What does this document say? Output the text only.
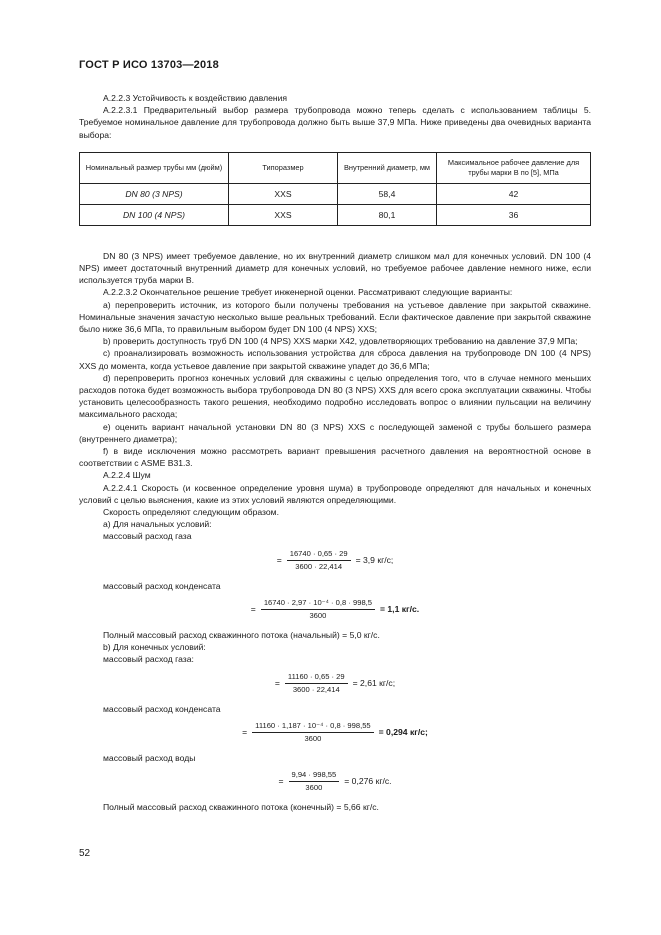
ГОСТ Р ИСО 13703—2018

А.2.2.3 Устойчивость к воздействию давления

А.2.2.3.1 Предварительный выбор размера трубопровода можно теперь сделать с использованием таблицы 5. Требуемое номинальное давление для трубопровода должно быть выше 37,9 МПа. Ниже приведены два очевидных варианта выбора:

Номинальный размер трубы мм (дюйм)	Типоразмер	Внутренний диаметр, мм	Максимальное рабочее давление для трубы марки В по [5], МПа
DN 80 (3 NPS)	XXS	58,4	42
DN 100 (4 NPS)	XXS	80,1	36

DN 80 (3 NPS) имеет требуемое давление, но их внутренний диаметр слишком мал для конечных условий. DN 100 (4 NPS) имеет достаточный внутренний диаметр для конечных условий, но требуемое рабочее давление немного ниже, если используется труба марки В.

А.2.2.3.2 Окончательное решение требует инженерной оценки. Рассматривают следующие варианты:

a) перепроверить источник, из которого были получены требования на устьевое давление при закрытой скважине. Номинальные значения зачастую несколько выше реальных требований. Если фактическое давление при закрытой скважине было ниже 36,6 МПа, то правильным выбором будет DN 100 (4 NPS) XXS;

b) проверить доступность труб DN 100 (4 NPS) XXS марки Х42, удовлетворяющих требованию на давление 37,9 МПа;

c) проанализировать возможность использования устройства для сброса давления на трубопроводе DN 100 (4 NPS) XXS до момента, когда устьевое давление при закрытой скважине упадет до 36,6 МПа;

d) перепроверить прогноз конечных условий для скважины с целью определения того, что в случае немного меньших расходов потока будет возможность выбора трубопровода DN 80 (3 NPS) XXS для всего срока эксплуатации скважины. Чтобы установить целесообразность такого решения, необходимо подробно исследовать вопрос о влиянии пульсации на величину максимального расхода;

e) оценить вариант начальной установки DN 80 (3 NPS) XXS с последующей заменой с трубы большего размера (внутреннего диаметра);

f) в виде исключения можно рассмотреть вариант превышения расчетного давления на вероятностной основе в соответствии с ASME B31.3.

А.2.2.4 Шум

А.2.2.4.1 Скорость (и косвенное определение уровня шума) в трубопроводе определяют для начальных и конечных условий с целью выяснения, какие из этих условий являются определяющими.

Скорость определяют следующим образом.

а) Для начальных условий:

массовый расход газа

= $\frac{16740 \cdot 0,65 \cdot 29}{3600 \cdot 22,414} = 3,9$ кг/с;

массовый расход конденсата

= $\frac{\text{16740 · 2,97 · 10⁻⁴ · 0,8 · 998,5}}{3600} = 1,1$ кг/с.

Полный массовый расход скважинного потока (начальный) = 5,0 кг/с.

b) Для конечных условий:

массовый расход газа:

= $\frac{11160 \cdot 0,65 \cdot 29}{3600 \cdot 22,414} = 2,61$ кг/с;

массовый расход конденсата

= $\frac{\text{11160 · 1,187 · 10⁻⁴ · 0,8 · 998,55}}{3600} = 0,294$ кг/с;

массовый расход воды

= $\frac{9,94 \cdot 998,55}{3600} = 0,276$ кг/с.

Полный массовый расход скважинного потока (конечный) = 5,66 кг/с.

52
